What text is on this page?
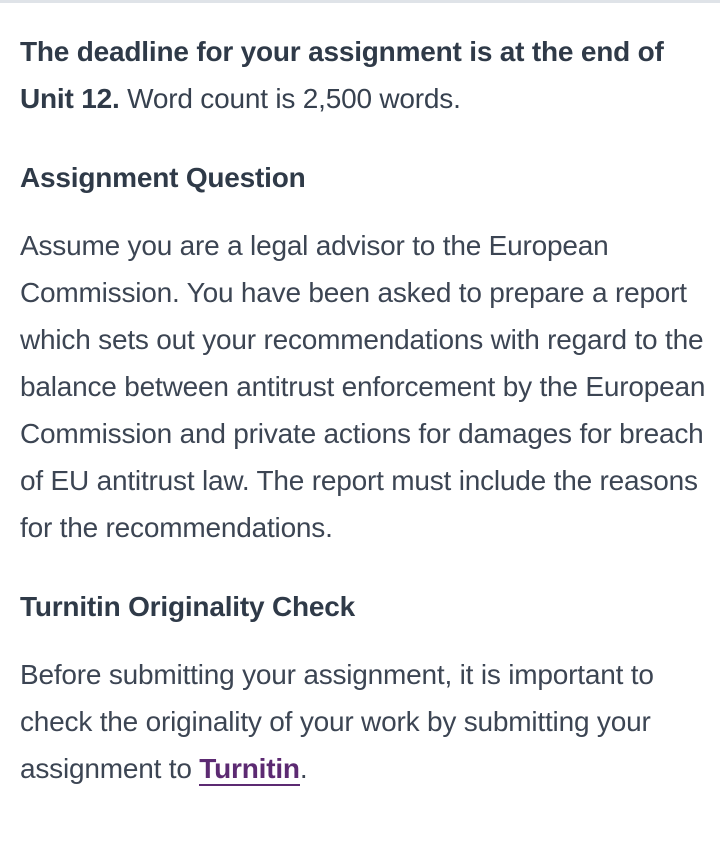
The deadline for your assignment is at the end of Unit 12. Word count is 2,500 words.

Assignment Question

Assume you are a legal advisor to the European Commission. You have been asked to prepare a report which sets out your recommendations with regard to the balance between antitrust enforcement by the European Commission and private actions for damages for breach of EU antitrust law. The report must include the reasons for the recommendations.

Turnitin Originality Check

Before submitting your assignment, it is important to check the originality of your work by submitting your assignment to Turnitin.
